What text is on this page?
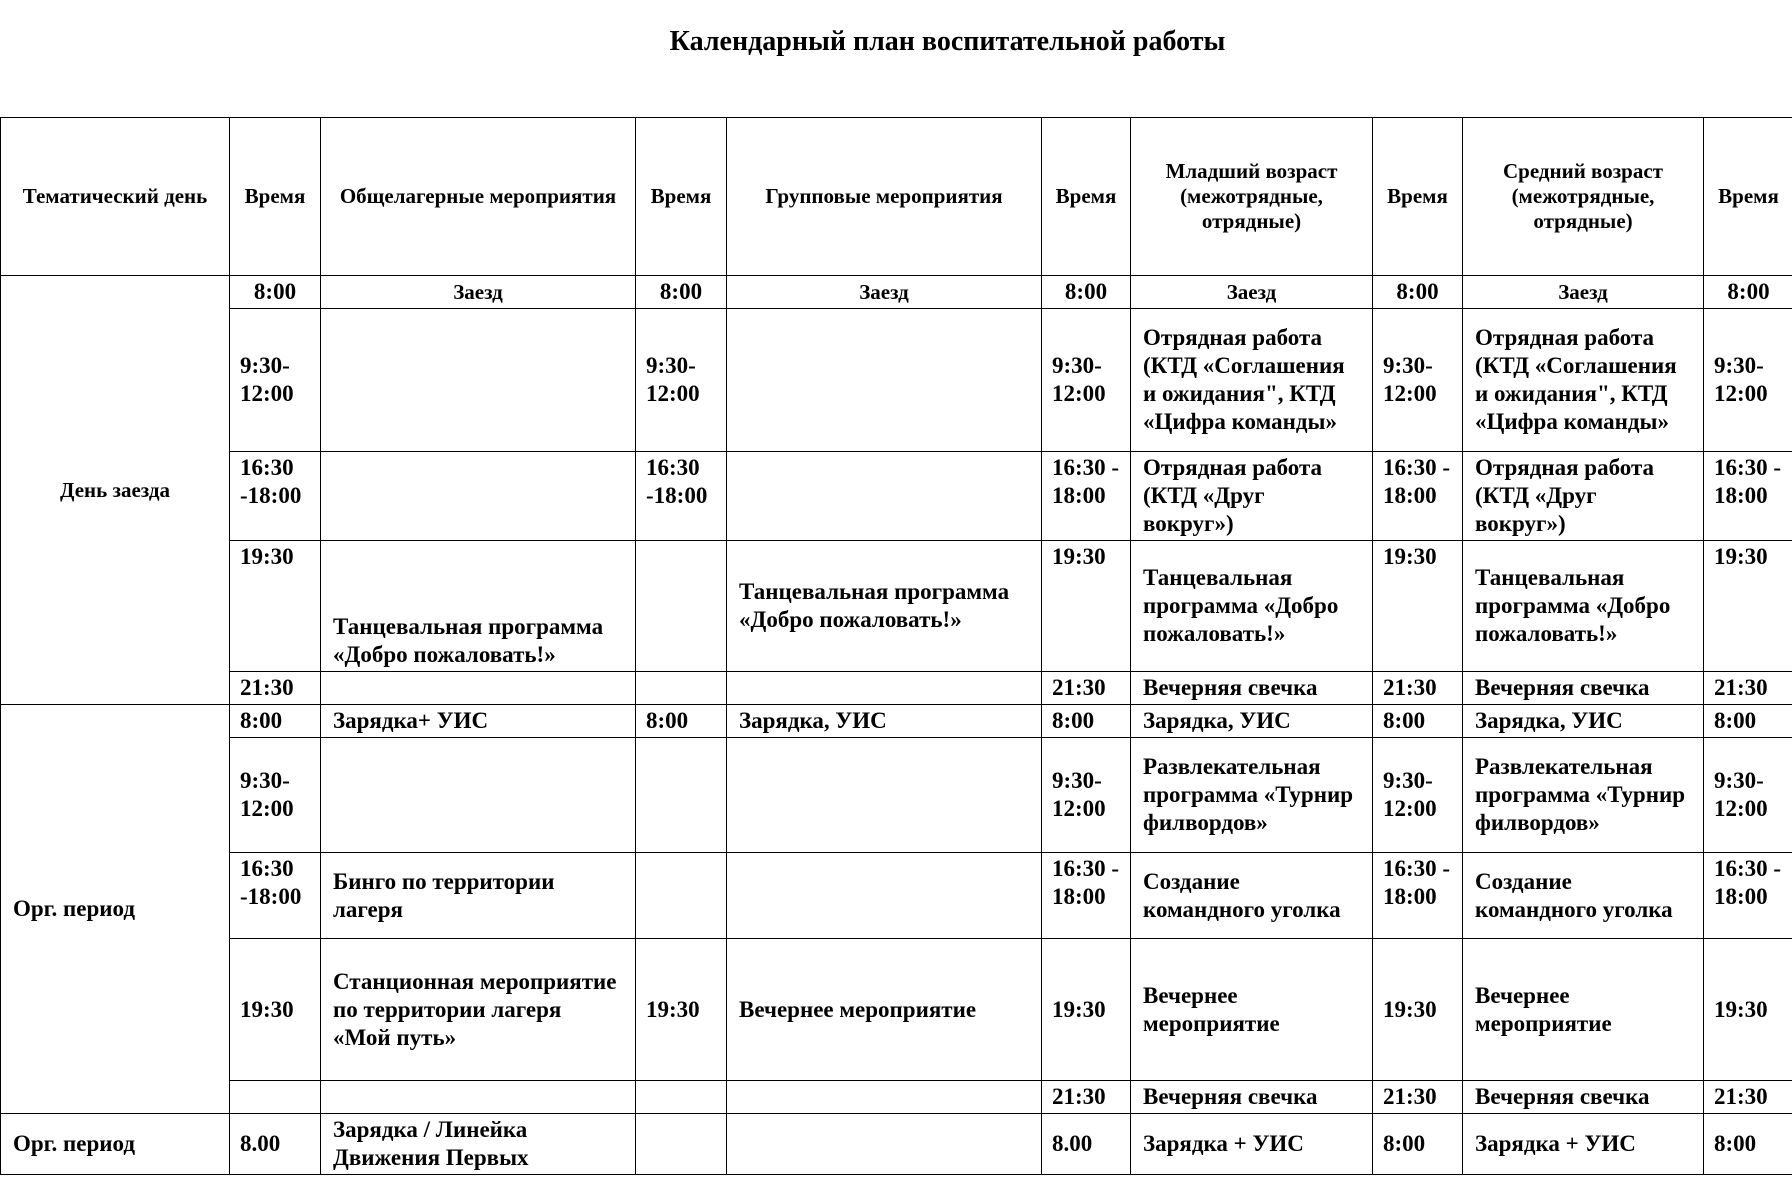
Календарный план воспитательной работы
Тематический день	Время	Общелагерные мероприятия	Время	Групповые мероприятия	Время	Младший возраст (межотрядные, отрядные)	Время	Средний возраст (межотрядные, отрядные)	Время	
День заезда	8:00	Заезд	8:00	Заезд	8:00	Заезд	8:00	Заезд	8:00	
	9:30-12:00		9:30-12:00		9:30-12:00	Отрядная работа (КТД «Соглашения и ожидания", КТД «Цифра команды»	9:30-12:00	Отрядная работа (КТД «Соглашения и ожидания", КТД «Цифра команды»	9:30-12:00	
	16:30 -18:00		16:30 -18:00		16:30 - 18:00	Отрядная работа (КТД «Друг вокруг»)	16:30 - 18:00	Отрядная работа (КТД «Друг вокруг»)	16:30 - 18:00	
	19:30	Танцевальная программа «Добро пожаловать!»		Танцевальная программа «Добро пожаловать!»	19:30	Танцевальная программа «Добро пожаловать!»	19:30	Танцевальная программа «Добро пожаловать!»	19:30	
	21:30				21:30	Вечерняя свечка	21:30	Вечерняя свечка	21:30	
Орг. период	8:00	Зарядка+ УИС	8:00	Зарядка, УИС	8:00	Зарядка, УИС	8:00	Зарядка, УИС	8:00	
	9:30-12:00				9:30-12:00	Развлекательная программа «Турнир филвордов»	9:30-12:00	Развлекательная программа «Турнир филвордов»	9:30-12:00	
	16:30 -18:00	Бинго по территории лагеря			16:30 - 18:00	Создание командного уголка	16:30 - 18:00	Создание командного уголка	16:30 - 18:00	
	19:30	Станционная мероприятие по территории лагеря «Мой путь»	19:30	Вечернее мероприятие	19:30	Вечернее мероприятие	19:30	Вечернее мероприятие	19:30	
					21:30	Вечерняя свечка	21:30	Вечерняя свечка	21:30	
Орг. период	8.00	Зарядка / Линейка Движения Первых			8.00	Зарядка + УИС	8:00	Зарядка + УИС	8:00	
